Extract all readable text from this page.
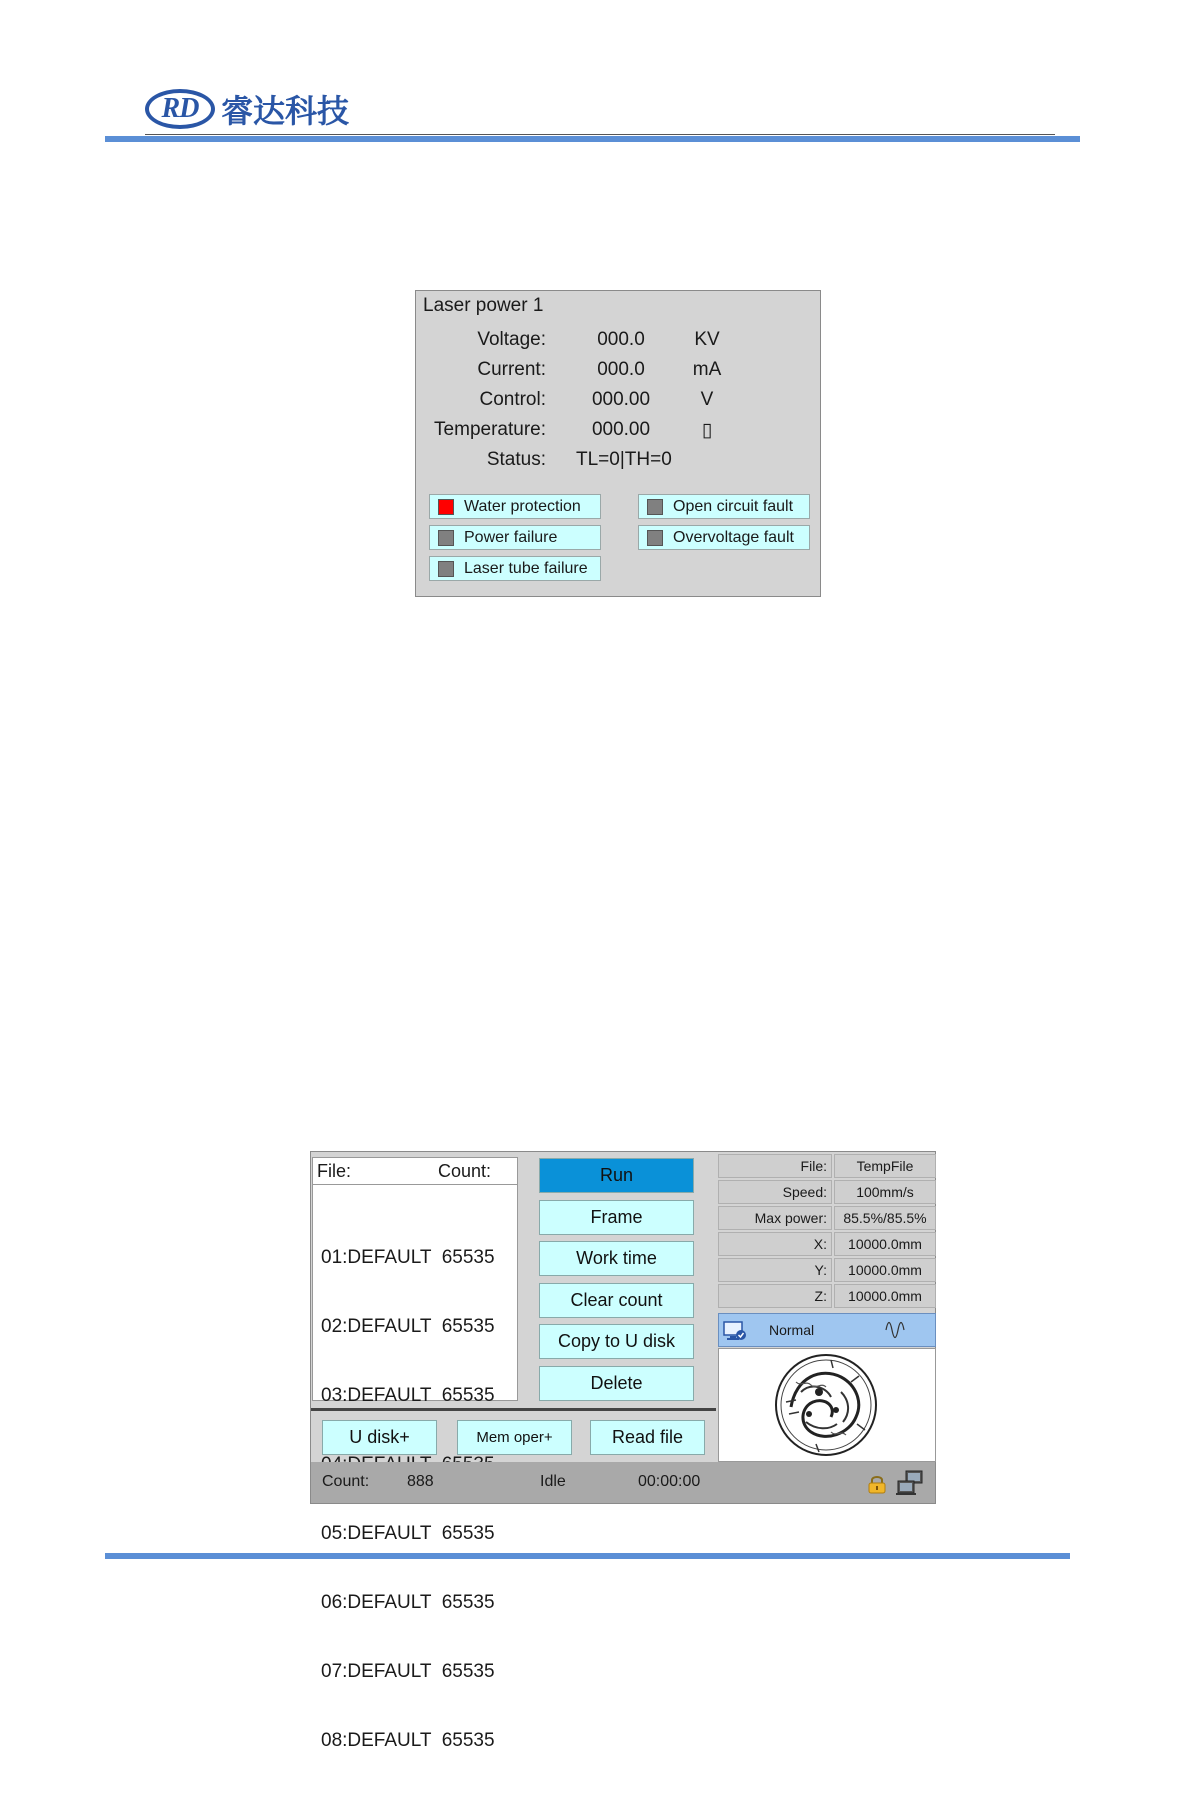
RD 睿达科技
Laser power 1
Voltage:	000.0	KV
Current:	000.0	mA
Control:	000.00	V
Temperature:	000.00	▯
Status: TL=0|TH=0
Water protection
Power failure
Laser tube failure
Open circuit fault
Overvoltage fault
File:	Count:

01:DEFAULT  65535

02:DEFAULT  65535

03:DEFAULT  65535

05:DEFAULT  65535

06:DEFAULT  65535

07:DEFAULT  65535

08:DEFAULT  65535

Run
Frame
Work time
Clear count
Copy to U disk
Delete
U disk+	Mem oper+	Read file
File:	TempFile
Speed:	100mm/s
Max power:	85.5%/85.5%
X:	10000.0mm
Y:	10000.0mm
Z:	10000.0mm
Normal
Count: 888	Idle	00:00:00
